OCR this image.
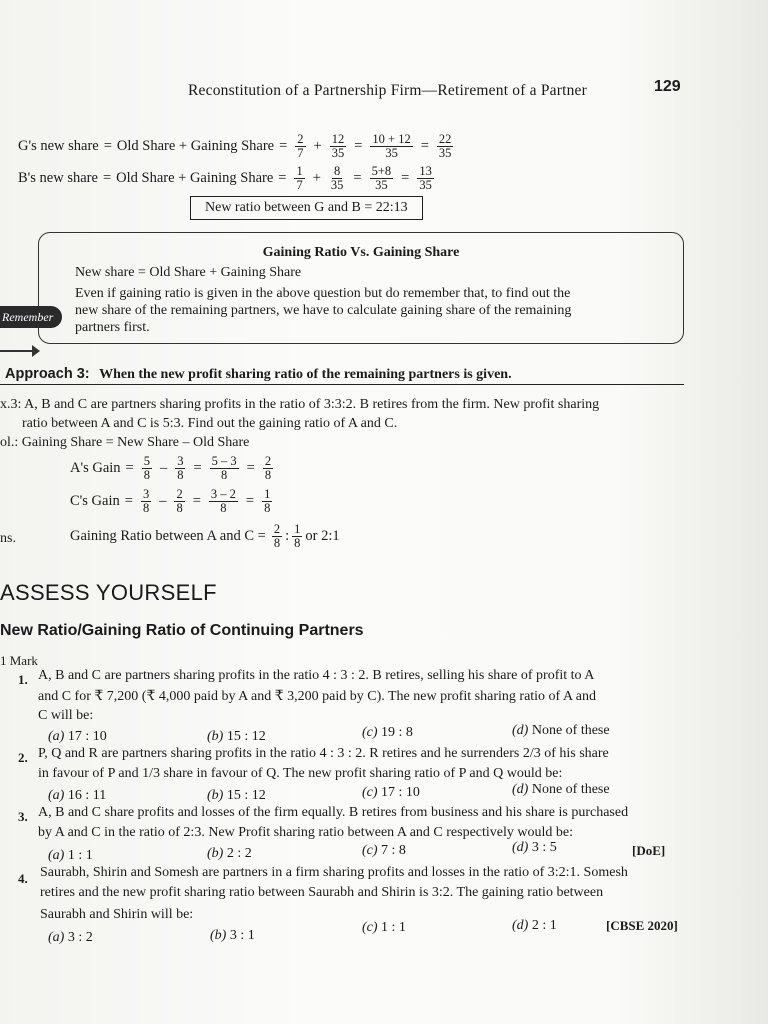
Reconstitution of a Partnership Firm—Retirement of a Partner	129
G's new share = Old Share + Gaining Share = $\frac{2}{7} + \frac{12}{35} = \frac{10 + 12}{35} = \frac{22}{35}$
B's new share = Old Share + Gaining Share = $\frac{1}{7} + \frac{8}{35} = \frac{5+8}{35} = \frac{13}{35}$
New ratio between G and B = 22:13
Gaining Ratio Vs. Gaining Share
New share = Old Share + Gaining Share
Even if gaining ratio is given in the above question but do remember that, to find out the
new share of the remaining partners, we have to calculate gaining share of the remaining
partners first.
Remember
Approach 3: When the new profit sharing ratio of the remaining partners is given.
x.3: A, B and C are partners sharing profits in the ratio of 3:3:2. B retires from the firm. New profit sharing
ratio between A and C is 5:3. Find out the gaining ratio of A and C.
ol.: Gaining Share = New Share – Old Share
A's Gain = $\frac{5}{8} - \frac{3}{8} = \frac{5 - 3}{8} = \frac{2}{8}$
C's Gain = $\frac{3}{8} - \frac{2}{8} = \frac{3 - 2}{8} = \frac{1}{8}$
ns.	Gaining Ratio between A and $C = \frac{2}{8}$ : $\frac{1}{8}$ or 2:1
ASSESS YOURSELF
New Ratio/Gaining Ratio of Continuing Partners
1 Mark
1. A, B and C are partners sharing profits in the ratio 4 : 3 : 2. B retires, selling his share of profit to A
and C for ₹ 7,200 (₹ 4,000 paid by A and ₹ 3,200 paid by C). The new profit sharing ratio of A and
C will be:
(a) 17 : 10	(b) 15 : 12	(c) 19 : 8	(d) None of these
2. P, Q and R are partners sharing profits in the ratio 4 : 3 : 2. R retires and he surrenders 2/3 of his share
in favour of P and 1/3 share in favour of Q. The new profit sharing ratio of P and Q would be:
(a) 16 : 11	(b) 15 : 12	(c) 17 : 10	(d) None of these
3. A, B and C share profits and losses of the firm equally. B retires from business and his share is purchased
by A and C in the ratio of 2:3. New Profit sharing ratio between A and C respectively would be:
(a) 1 : 1	(b) 2 : 2	(c) 7 : 8	(d) 3 : 5	[DoE]
4. Saurabh, Shirin and Somesh are partners in a firm sharing profits and losses in the ratio of 3:2:1. Somesh
retires and the new profit sharing ratio between Saurabh and Shirin is 3:2. The gaining ratio between
Saurabh and Shirin will be:
(a) 3 : 2	(b) 3 : 1
(c) 1 : 1	(d) 2 : 1	[CBSE 2020]
